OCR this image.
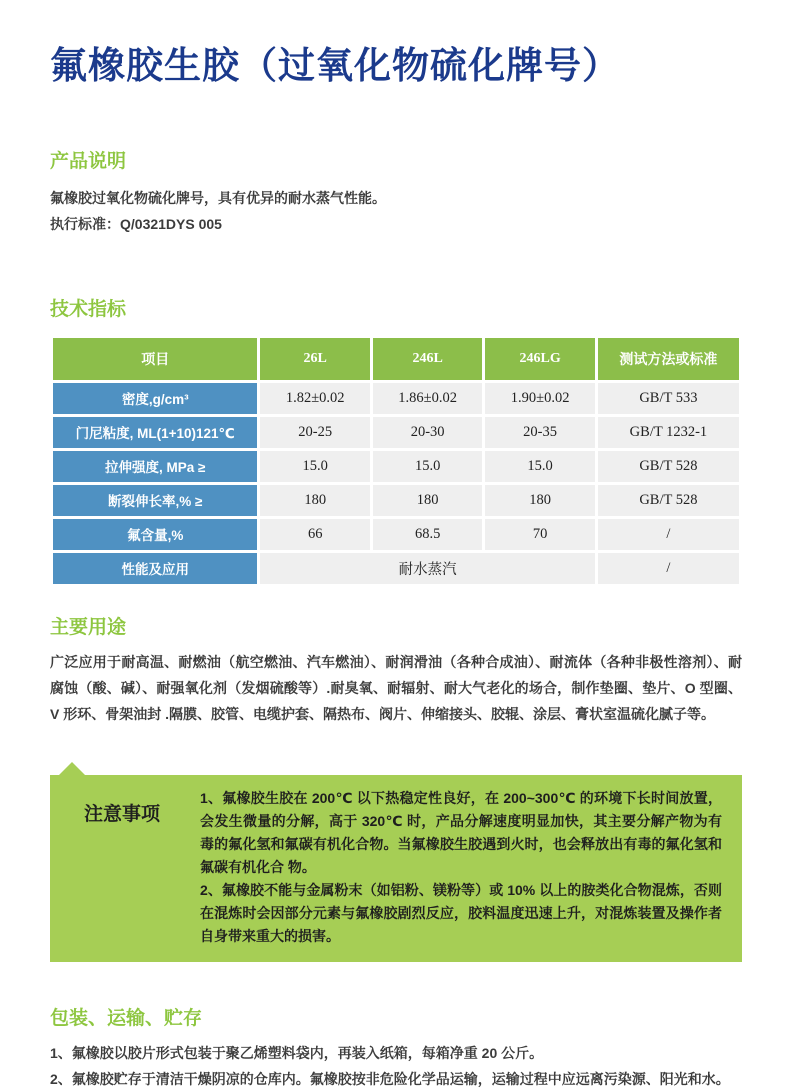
氟橡胶生胶（过氧化物硫化牌号）
产品说明

氟橡胶过氧化物硫化牌号，具有优异的耐水蒸气性能。

执行标准：Q/0321DYS 005

技术指标
项目	26L	246L	246LG	测试方法或标准
密度,g/cm³	1.82±0.02	1.86±0.02	1.90±0.02	GB/T 533
门尼粘度, ML(1+10)121℃	20-25	20-30	20-35	GB/T 1232-1
拉伸强度, MPa ≥	15.0	15.0	15.0	GB/T 528
断裂伸长率,% ≥	180	180	180	GB/T 528
氟含量,%	66	68.5	70	/
性能及应用	耐水蒸汽			/
主要用途

广泛应用于耐高温、耐燃油（航空燃油、汽车燃油）、耐润滑油（各种合成油）、耐流体（各种非极性溶剂）、耐腐蚀（酸、碱）、耐强氧化剂（发烟硫酸等）.耐臭氧、耐辐射、耐大气老化的场合，制作垫圈、垫片、O 型圈、V 形环、骨架油封 .隔膜、胶管、电缆护套、隔热布、阀片、伸缩接头、胶辊、涂层、膏状室温硫化腻子等。

注意事项
1、氟橡胶生胶在 200℃ 以下热稳定性良好，在 200~300℃ 的环境下长时间放置，会发生微量的分解，高于 320℃ 时，产品分解速度明显加快，其主要分解产物为有毒的氟化氢和氟碳有机化合物。当氟橡胶生胶遇到火时，也会释放出有毒的氟化氢和氟碳有机化合 物。
2、氟橡胶不能与金属粉末（如铝粉、镁粉等）或 10% 以上的胺类化合物混炼，否则在混炼时会因部分元素与氟橡胶剧烈反应，胶料温度迅速上升，对混炼装置及操作者自身带来重大的损害。
包装、运输、贮存

1、氟橡胶以胶片形式包装于聚乙烯塑料袋内，再装入纸箱，每箱净重 20 公斤。

2、氟橡胶贮存于清洁干燥阴凉的仓库内。氟橡胶按非危险化学品运输，运输过程中应远离污染源、阳光和水。
